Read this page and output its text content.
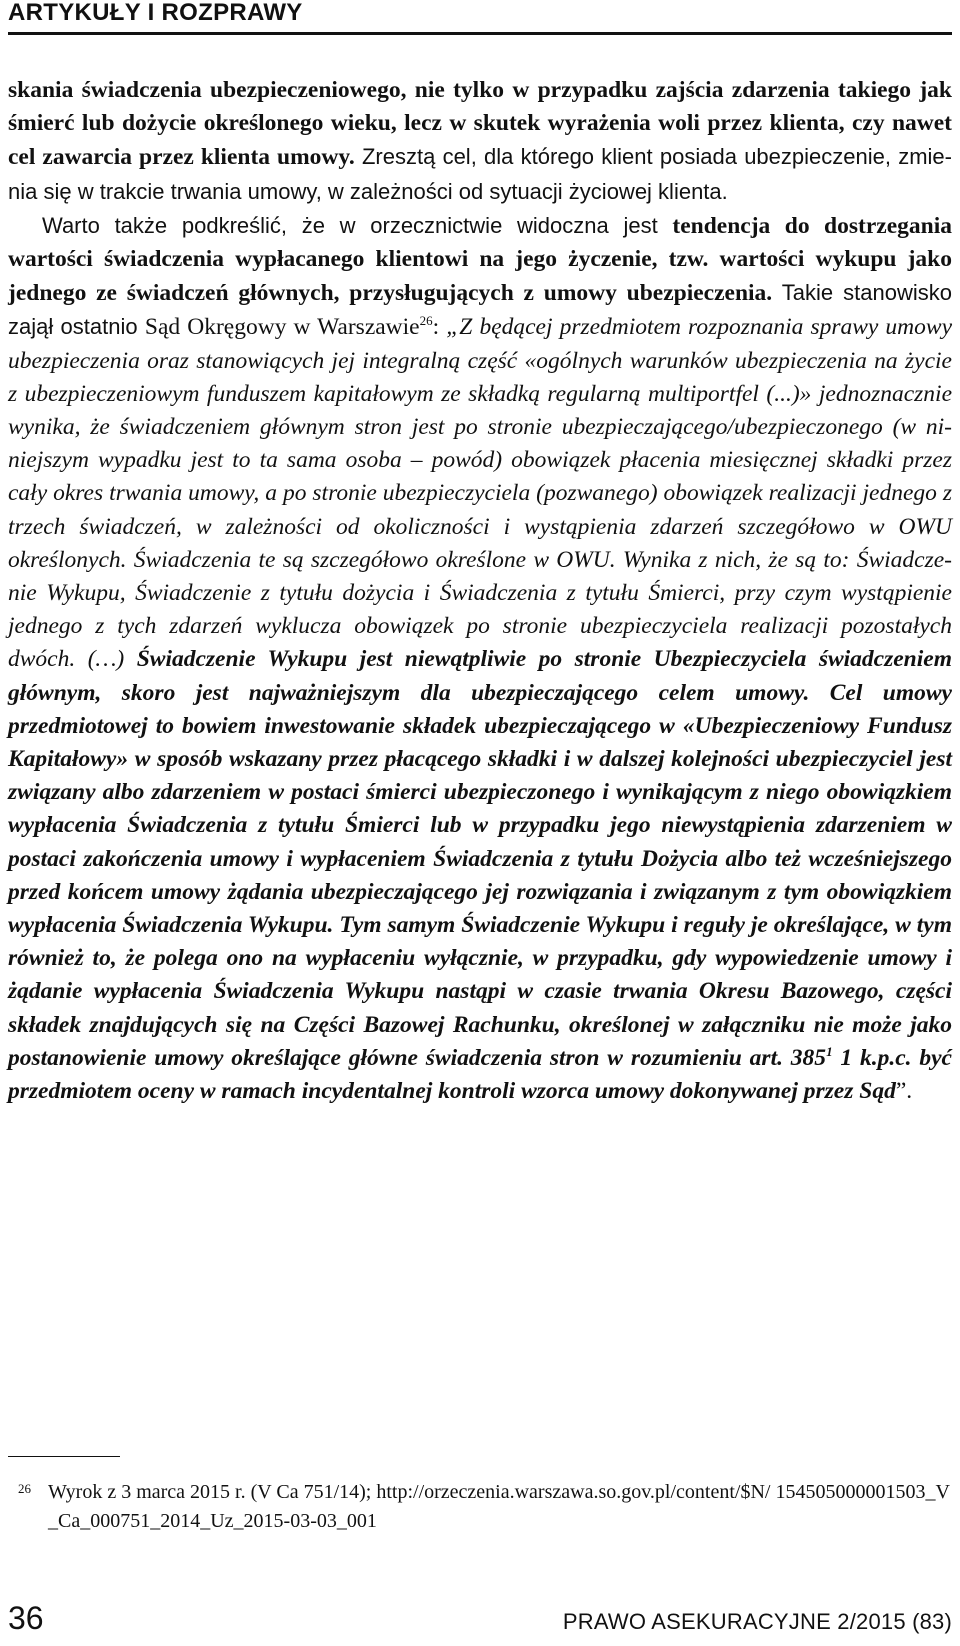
ARTYKUŁY I ROZPRAWY

skania świadczenia ubezpieczeniowego, nie tylko w przypadku zajścia zdarzenia takiego jak śmierć lub dożycie określonego wieku, lecz w skutek wyrażenia woli przez klienta, czy nawet cel zawarcia przez klienta umowy. Zresztą cel, dla którego klient posiada ubezpieczenie, zmienia się w trakcie trwania umowy, w zależności od sytuacji życiowej klienta.

Warto także podkreślić, że w orzecznictwie widoczna jest tendencja do dostrzegania wartości świadczenia wypłacanego klientowi na jego życzenie, tzw. wartości wykupu jako jednego ze świadczeń głównych, przysługujących z umowy ubezpieczenia. Takie stanowisko zajął ostatnio Sąd Okręgowy w Warszawie$^{26}$: „Z będącej przedmiotem rozpoznania sprawy umowy ubezpieczenia oraz stanowiących jej integralną część «ogólnych warunków ubezpieczenia na życie z ubezpieczeniowym funduszem kapitałowym ze składką regularną multiportfel (...)» jednoznacznie wynika, że świadczeniem głównym stron jest po stronie ubezpieczającego/ubezpieczonego (w niniejszym wypadku jest to ta sama osoba – powód) obowiązek płacenia miesięcznej składki przez cały okres trwania umowy, a po stronie ubezpieczyciela (pozwanego) obowiązek realizacji jednego z trzech świadczeń, w zależności od okoliczności i wystąpienia zdarzeń szczegółowo w OWU określonych. Świadczenia te są szczegółowo określone w OWU. Wynika z nich, że są to: Świadczenie Wykupu, Świadczenie z tytułu dożycia i Świadczenia z tytułu Śmierci, przy czym wystąpienie jednego z tych zdarzeń wyklucza obowiązek po stronie ubezpieczyciela realizacji pozostałych dwóch. (…) Świadczenie Wykupu jest niewątpliwie po stronie Ubezpieczyciela świadczeniem głównym, skoro jest najważniejszym dla ubezpieczającego celem umowy. Cel umowy przedmiotowej to bowiem inwestowanie składek ubezpieczającego w «Ubezpieczeniowy Fundusz Kapitałowy» w sposób wskazany przez płacącego składki i w dalszej kolejności ubezpieczyciel jest związany albo zdarzeniem w postaci śmierci ubezpieczonego i wynikającym z niego obowiązkiem wypłacenia Świadczenia z tytułu Śmierci lub w przypadku jego niewystąpienia zdarzeniem w postaci zakończenia umowy i wypłaceniem Świadczenia z tytułu Dożycia albo też wcześniejszego przed końcem umowy żądania ubezpieczającego jej rozwiązania i związanym z tym obowiązkiem wypłacenia Świadczenia Wykupu. Tym samym Świadczenie Wykupu i reguły je określające, w tym również to, że polega ono na wypłaceniu wyłącznie, w przypadku, gdy wypowiedzenie umowy i żądanie wypłacenia Świadczenia Wykupu nastąpi w czasie trwania Okresu Bazowego, części składek znajdujących się na Części Bazowej Rachunku, określonej w załączniku nie może jako postanowienie umowy określające główne świadczenia stron w rozumieniu art. $385^1$ 1 k.p.c. być przedmiotem oceny w ramach incydentalnej kontroli wzorca umowy dokonywanej przez Sąd”.

26 Wyrok z 3 marca 2015 r. (V Ca 751/14); http://orzeczenia.warszawa.so.gov.pl/content/$N/ 154505000001503_V_Ca_000751_2014_Uz_2015-03-03_001
36	PRAWO ASEKURACYJNE 2/2015 (83)
